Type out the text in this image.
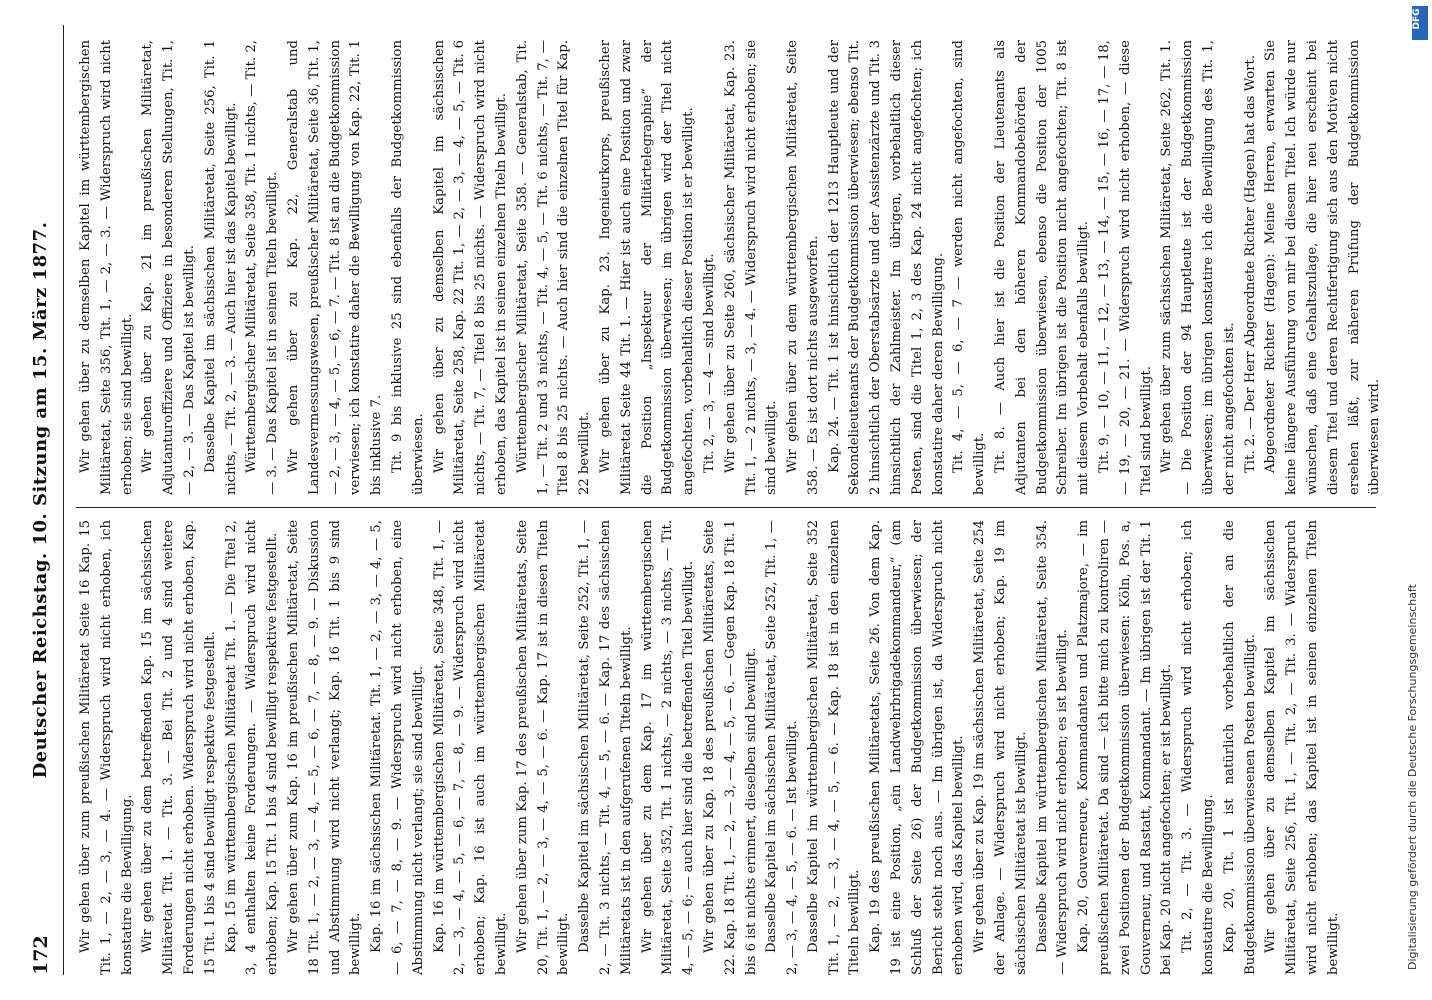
172
Deutscher Reichstag. 10. Sitzung am 15. März 1877. Wir gehen über zum preußischen Militäretat Seite 16 Kap. 15 Tit. 1, — 2, — 3, — 4. — Widerspruch wird nicht erhoben, ich konstatire die Bewilligung. Wir gehen über zu dem betreffenden Kap. 15 im sächsischen Militäretat Tit. 1. — Tit. 3. — Bei Tit. 2 und 4 sind weitere Forderungen nicht erhoben. Widerspruch wird nicht erhoben, Kap. 15 Tit. 1 bis 4 sind bewilligt respektive festgestellt. Kap. 15 im württembergischen Militäretat Tit. 1. — Die Titel 2, 3, 4 enthalten keine Forderungen. — Widerspruch wird nicht erhoben; Kap. 15 Tit. 1 bis 4 sind bewilligt respektive festgestellt. Wir gehen über zum Kap. 16 im preußischen Militäretat, Seite 18 Tit. 1, — 2, — 3, — 4, — 5, — 6, — 7, — 8, — 9. — Diskussion und Abstimmung wird nicht verlangt; Kap. 16 Tit. 1 bis 9 sind bewilligt. Kap. 16 im sächsischen Militäretat. Tit. 1, — 2, — 3, — 4, — 5, — 6, — 7, — 8, — 9. — Widerspruch wird nicht erhoben, eine Abstimmung nicht verlangt; sie sind bewilligt. Kap. 16 im württembergischen Militäretat, Seite 348, Tit. 1, — 2, — 3, — 4, — 5, — 6, — 7, — 8, — 9. — Widerspruch wird nicht erhoben; Kap. 16 ist auch im württembergischen Militäretat bewilligt. Wir gehen über zum Kap. 17 des preußischen Militäretats, Seite 20, Tit. 1, — 2, — 3, — 4, — 5, — 6. — Kap. 17 ist in diesen Titeln bewilligt. Dasselbe Kapitel im sächsischen Militäretat, Seite 252, Tit. 1, — 2, — Tit. 3 nichts, — Tit. 4, — 5, — 6. — Kap. 17 des sächsischen Militäretats ist in den aufgerufenen Titeln bewilligt. Wir gehen über zu dem Kap. 17 im württembergischen Militäretat, Seite 352, Tit. 1 nichts, — 2 nichts, — 3 nichts, — Tit. 4, — 5, — 6; — auch hier sind die betreffenden Titel bewilligt. Wir gehen über zu Kap. 18 des preußischen Militäretats, Seite 22. Kap. 18 Tit. 1, — 2, — 3, — 4, — 5, — 6. — Gegen Kap. 18 Tit. 1 bis 6 ist nichts erinnert, dieselben sind bewilligt. Dasselbe Kapitel im sächsischen Militäretat, Seite 252, Tit. 1, — 2, — 3, — 4, — 5, — 6. — Ist bewilligt. Dasselbe Kapitel im württembergischen Militäretat, Seite 352 Tit. 1, — 2, — 3, — 4, — 5, — 6. — Kap. 18 ist in den einzelnen Titeln bewilligt. Kap. 19 des preußischen Militäretats, Seite 26. Von dem Kap. 19 ist eine Position, „ein Landwehrbrigadekommandeur,“ (am Schluß der Seite 26) der Budgetkommission überwiesen; der Bericht steht noch aus. — Im übrigen ist, da Widerspruch nicht erhoben wird, das Kapitel bewilligt. Wir gehen über zu Kap. 19 im sächsischen Militäretat, Seite 254 der Anlage. — Widerspruch wird nicht erhoben; Kap. 19 im sächsischen Militäretat ist bewilligt. Dasselbe Kapitel im württembergischen Militäretat, Seite 354. — Widerspruch wird nicht erhoben; es ist bewilligt. Kap. 20, Gouverneure, Kommandanten und Platzmajore, — im preußischen Militäretat. Da sind — ich bitte mich zu kontroliren — zwei Positionen der Budgetkommission überwiesen: Köln, Pos. a, Gouverneur, und Rastatt, Kommandant. — Im übrigen ist der Tit. 1 bei Kap. 20 nicht angefochten; er ist bewilligt. Tit. 2, — Tit. 3. — Widerspruch wird nicht erhoben; ich konstatire die Bewilligung. Kap. 20, Tit. 1 ist natürlich vorbehaltlich der an die Budgetkommission überwiesenen Posten bewilligt. Wir gehen über zu demselben Kapitel im sächsischen Militäretat, Seite 256, Tit. 1, — Tit. 2, — Tit. 3. — Widerspruch wird nicht erhoben; das Kapitel ist in seinen einzelnen Titeln bewilligt.

Wir gehen über zu demselben Kapitel im württembergischen Militäretat, Seite 356, Tit. 1, — 2, — 3. — Widerspruch wird nicht erhoben; sie sind bewilligt. Wir gehen über zu Kap. 21 im preußischen Militäretat, Adjutanturoffiziere und Offiziere in besonderen Stellungen, Tit. 1, — 2, — 3. — Das Kapitel ist bewilligt. Dasselbe Kapitel im sächsischen Militäretat, Seite 256, Tit. 1 nichts, — Tit. 2, — 3. — Auch hier ist das Kapitel bewilligt. Württembergischer Militäretat, Seite 358, Tit. 1 nichts, — Tit. 2, — 3. — Das Kapitel ist in seinen Titeln bewilligt. Wir gehen über zu Kap. 22, Generalstab und Landesvermessungswesen, preußischer Militäretat, Seite 36, Tit. 1, — 2, — 3, — 4, — 5, — 6, — 7. — Tit. 8 ist an die Budgetkommission verwiesen; ich konstatire daher die Bewilligung von Kap. 22, Tit. 1 bis inklusive 7. Tit. 9 bis inklusive 25 sind ebenfalls der Budgetkommission überwiesen. Wir gehen über zu demselben Kapitel im sächsischen Militäretat, Seite 258, Kap. 22 Tit. 1, — 2, — 3, — 4, — 5, — Tit. 6 nichts, — Tit. 7, — Titel 8 bis 25 nichts. — Widerspruch wird nicht erhoben, das Kapitel ist in seinen einzelnen Titeln bewilligt. Württembergischer Militäretat, Seite 358. — Generalstab, Tit. 1, — Tit. 2 und 3 nichts, — Tit. 4, — 5, — Tit. 6 nichts, — Tit. 7, — Titel 8 bis 25 nichts. — Auch hier sind die einzelnen Titel für Kap. 22 bewilligt. Wir gehen über zu Kap. 23. Ingenieurkorps, preußischer Militäretat Seite 44 Tit. 1. — Hier ist auch eine Position und zwar die Position „Inspekteur der Militärtelegraphie“ der Budgetkommission überwiesen; im übrigen wird der Titel nicht angefochten, vorbehaltlich dieser Position ist er bewilligt. Tit. 2, — 3, — 4 — sind bewilligt. Wir gehen über zu Seite 260, sächsischer Militäretat, Kap. 23. Tit. 1, — 2 nichts, — 3, — 4. — Widerspruch wird nicht erhoben; sie sind bewilligt. Wir gehen über zu dem württembergischen Militäretat, Seite 358. — Es ist dort nichts ausgeworfen. Kap. 24. — Tit. 1 ist hinsichtlich der 1213 Hauptleute und der Sekondelieutenants der Budgetkommission überwiesen; ebenso Tit. 2 hinsichtlich der Oberstabsärzte und der Assistenzärzte und Tit. 3 hinsichtlich der Zahlmeister. Im übrigen, vorbehaltlich dieser Posten, sind die Titel 1, 2, 3 des Kap. 24 nicht angefochten; ich konstatire daher deren Bewilligung. Tit. 4, — 5, — 6, — 7 — werden nicht angefochten, sind bewilligt. Tit. 8. — Auch hier ist die Position der Lieutenants als Adjutanten bei den höheren Kommandobehörden der Budgetkommission überwiesen, ebenso die Position der 1005 Schreiber. Im übrigen ist die Position nicht angefochten; Tit. 8 ist mit diesem Vorbehalt ebenfalls bewilligt. Tit. 9, — 10, — 11, — 12, — 13, — 14, — 15, — 16, — 17, — 18, — 19, — 20, — 21. — Widerspruch wird nicht erhoben, — diese Titel sind bewilligt. Wir gehen über zum sächsischen Militäretat, Seite 262, Tit. 1. — Die Position der 94 Hauptleute ist der Budgetkommission überwiesen; im übrigen konstatire ich die Bewilligung des Tit. 1, der nicht angefochten ist. Tit. 2. — Der Herr Abgeordnete Richter (Hagen) hat das Wort. Abgeordneter Richter (Hagen): Meine Herren, erwarten Sie keine längere Ausführung von mir bei diesem Titel. Ich würde nur wünschen, daß eine Gehaltszulage, die hier neu erscheint bei diesem Titel und deren Rechtfertigung sich aus den Motiven nicht ersehen läßt, zur näheren Prüfung der Budgetkommission überwiesen wird.

Digitalisierung gefördert durch die Deutsche Forschungsgemeinschaft
DFG
